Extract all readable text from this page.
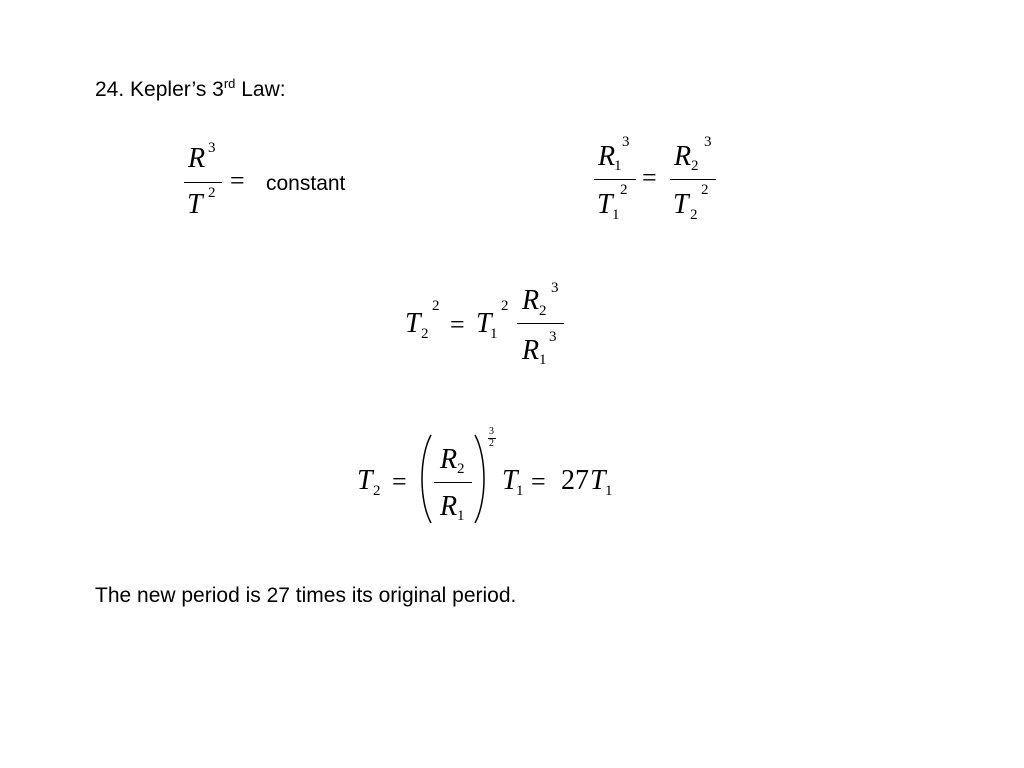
24. Kepler’s 3rd Law:
R 3
T 2 = constant
R
1
3
T 1
2 =
R 2
3
T 2
2
T 2
2
= T
1
2 R 2
3
R 1
3
T 2 =
R 2
R 1
3
2
T
1 = 27 T 1
The new period is 27 times its original period.
